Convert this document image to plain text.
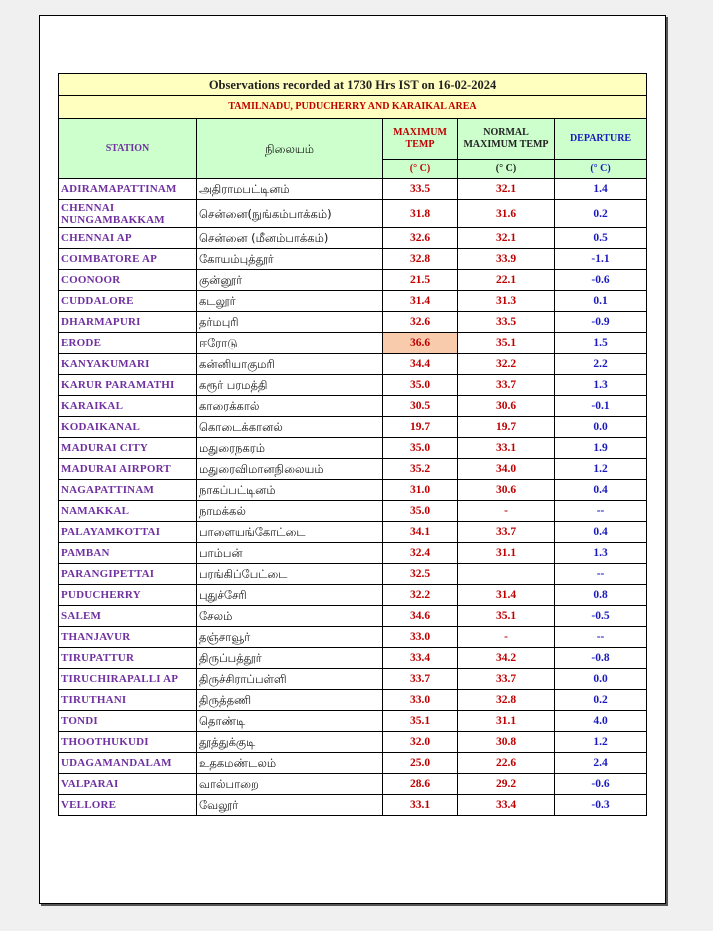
Observations recorded at 1730 Hrs IST on 16-02-2024				
TAMILNADU, PUDUCHERRY AND KARAIKAL AREA				
STATION	நிலையம்	MAXIMUM TEMP	NORMAL MAXIMUM TEMP	DEPARTURE
		(° C)	(° C)	(° C)
ADIRAMAPATTINAM	அதிராமபட்டினம்	33.5	32.1	1.4
CHENNAI NUNGAMBAKKAM	சென்னை(நுங்கம்பாக்கம்)	31.8	31.6	0.2
CHENNAI AP	சென்னை (மீனம்பாக்கம்)	32.6	32.1	0.5
COIMBATORE AP	கோயம்புத்தூர்	32.8	33.9	-1.1
COONOOR	குன்னூர்	21.5	22.1	-0.6
CUDDALORE	கடலூர்	31.4	31.3	0.1
DHARMAPURI	தர்மபுரி	32.6	33.5	-0.9
ERODE	ஈரோடு	36.6	35.1	1.5
KANYAKUMARI	கன்னியாகுமரி	34.4	32.2	2.2
KARUR PARAMATHI	கரூர் பரமத்தி	35.0	33.7	1.3
KARAIKAL	காரைக்கால்	30.5	30.6	-0.1
KODAIKANAL	கொடைக்கானல்	19.7	19.7	0.0
MADURAI CITY	மதுரைநகரம்	35.0	33.1	1.9
MADURAI AIRPORT	மதுரைவிமானநிலையம்	35.2	34.0	1.2
NAGAPATTINAM	நாகப்பட்டினம்	31.0	30.6	0.4
NAMAKKAL	நாமக்கல்	35.0	-	--
PALAYAMKOTTAI	பாளையங்கோட்டை	34.1	33.7	0.4
PAMBAN	பாம்பன்	32.4	31.1	1.3
PARANGIPETTAI	பரங்கிப்பேட்டை	32.5		--
PUDUCHERRY	புதுச்சேரி	32.2	31.4	0.8
SALEM	சேலம்	34.6	35.1	-0.5
THANJAVUR	தஞ்சாவூர்	33.0	-	--
TIRUPATTUR	திருப்பத்தூர்	33.4	34.2	-0.8
TIRUCHIRAPALLI AP	திருச்சிராப்பள்ளி	33.7	33.7	0.0
TIRUTHANI	திருத்தணி	33.0	32.8	0.2
TONDI	தொண்டி	35.1	31.1	4.0
THOOTHUKUDI	தூத்துக்குடி	32.0	30.8	1.2
UDAGAMANDALAM	உதகமண்டலம்	25.0	22.6	2.4
VALPARAI	வால்பாறை	28.6	29.2	-0.6
VELLORE	வேலூர்	33.1	33.4	-0.3
